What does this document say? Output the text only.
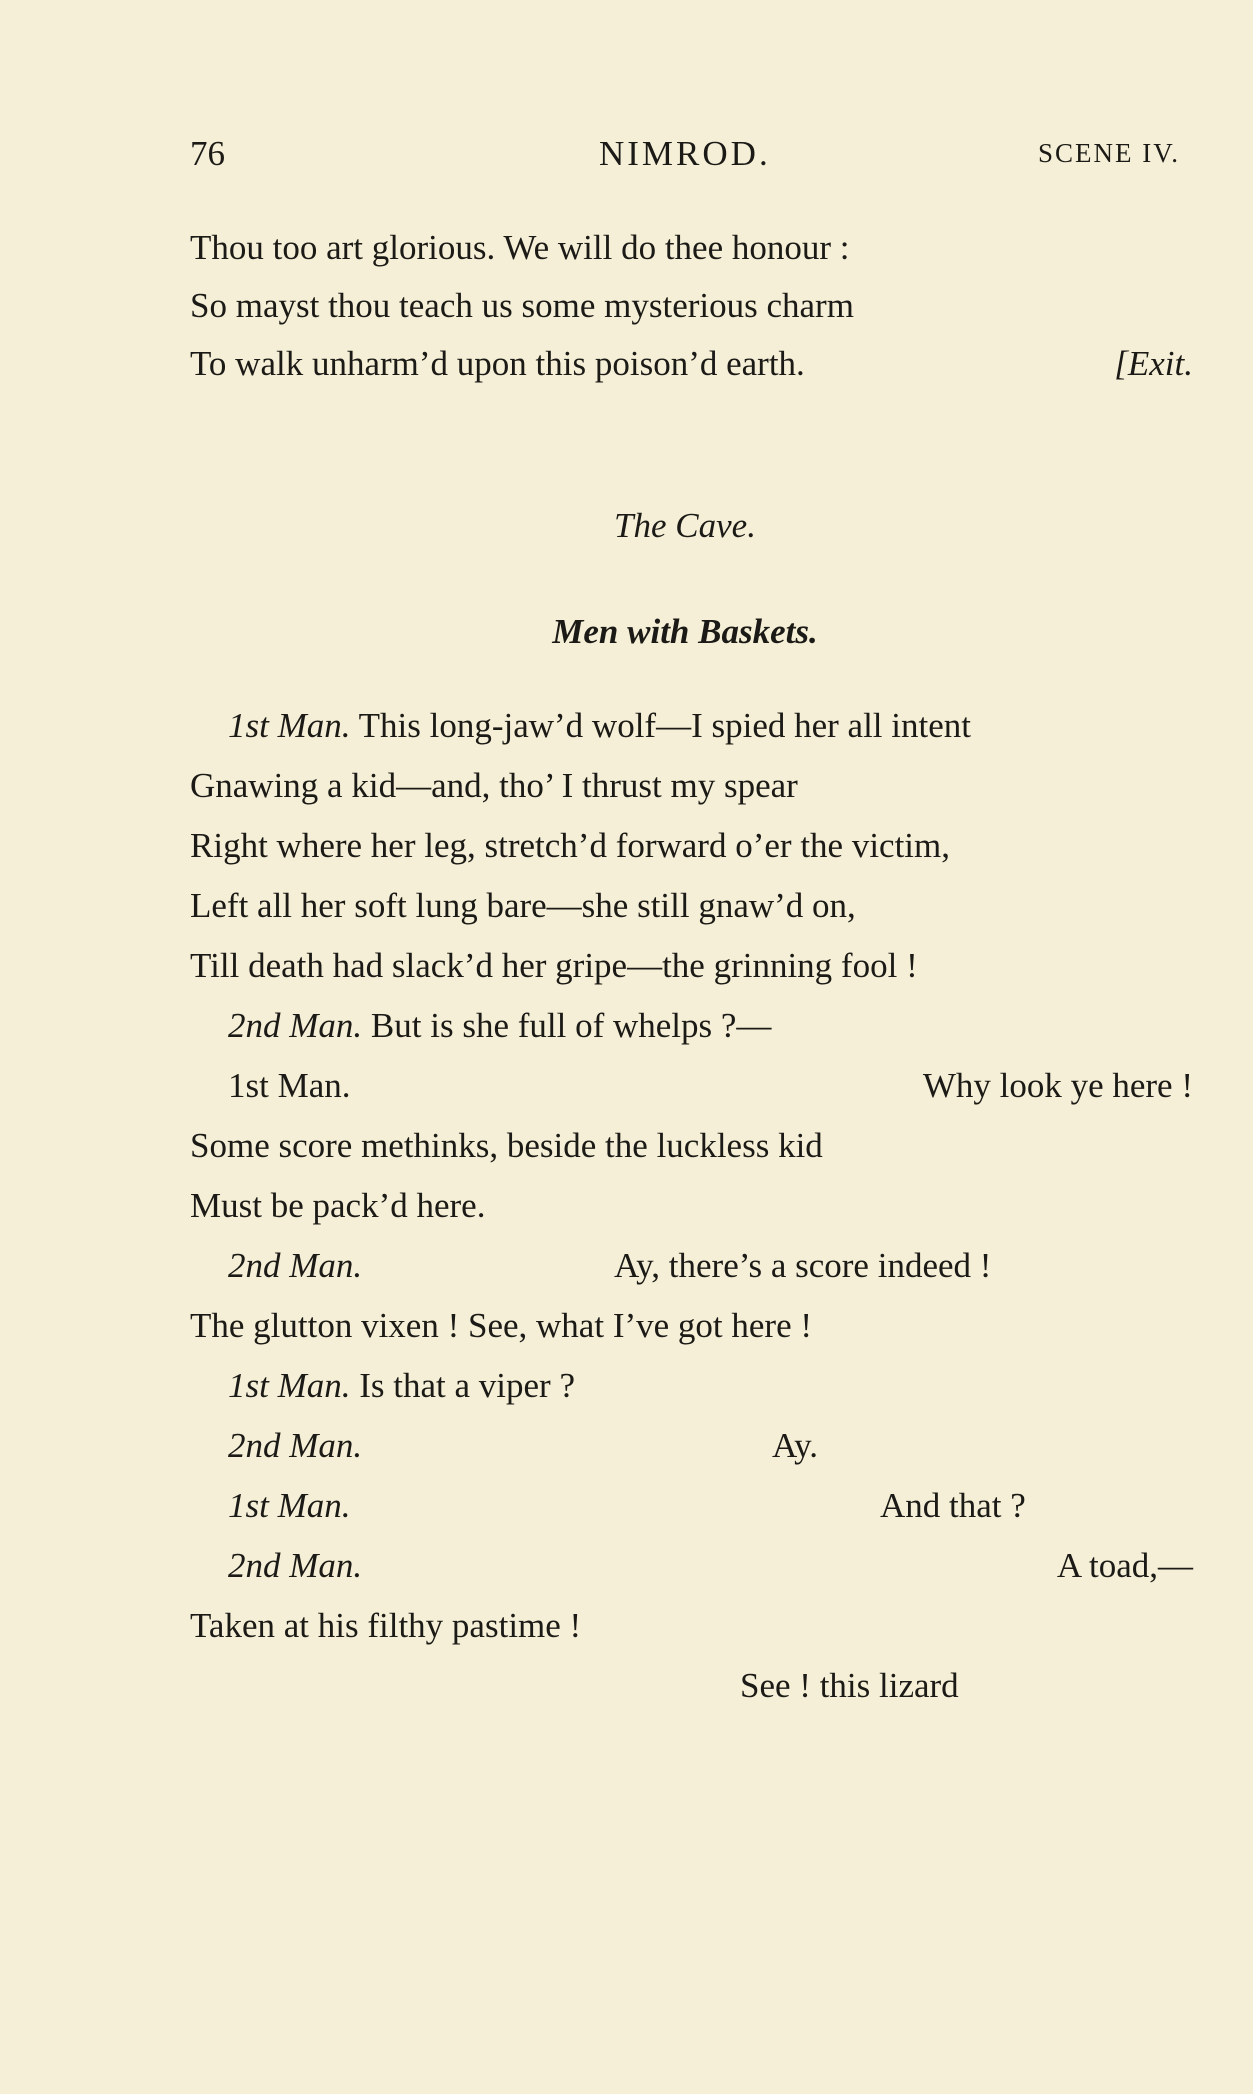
76	NIMROD.	SCENE IV.
Thou too art glorious. We will do thee honour :
So mayst thou teach us some mysterious charm
To walk unharm’d upon this poison’d earth.	[Exit.
The Cave.
Men with Baskets.
1st Man. This long-jaw’d wolf—I spied her all intent
Gnawing a kid—and, tho’ I thrust my spear
Right where her leg, stretch’d forward o’er the victim,
Left all her soft lung bare—she still gnaw’d on,
Till death had slack’d her gripe—the grinning fool !
2nd Man. But is she full of whelps ?—
1st Man.	Why look ye here !
Some score methinks, beside the luckless kid
Must be pack’d here.
2nd Man.	Ay, there’s a score indeed !
The glutton vixen ! See, what I’ve got here !
1st Man. Is that a viper ?
2nd Man.	Ay.
1st Man.	And that ?
2nd Man.	A toad,—
Taken at his filthy pastime !
See ! this lizard
